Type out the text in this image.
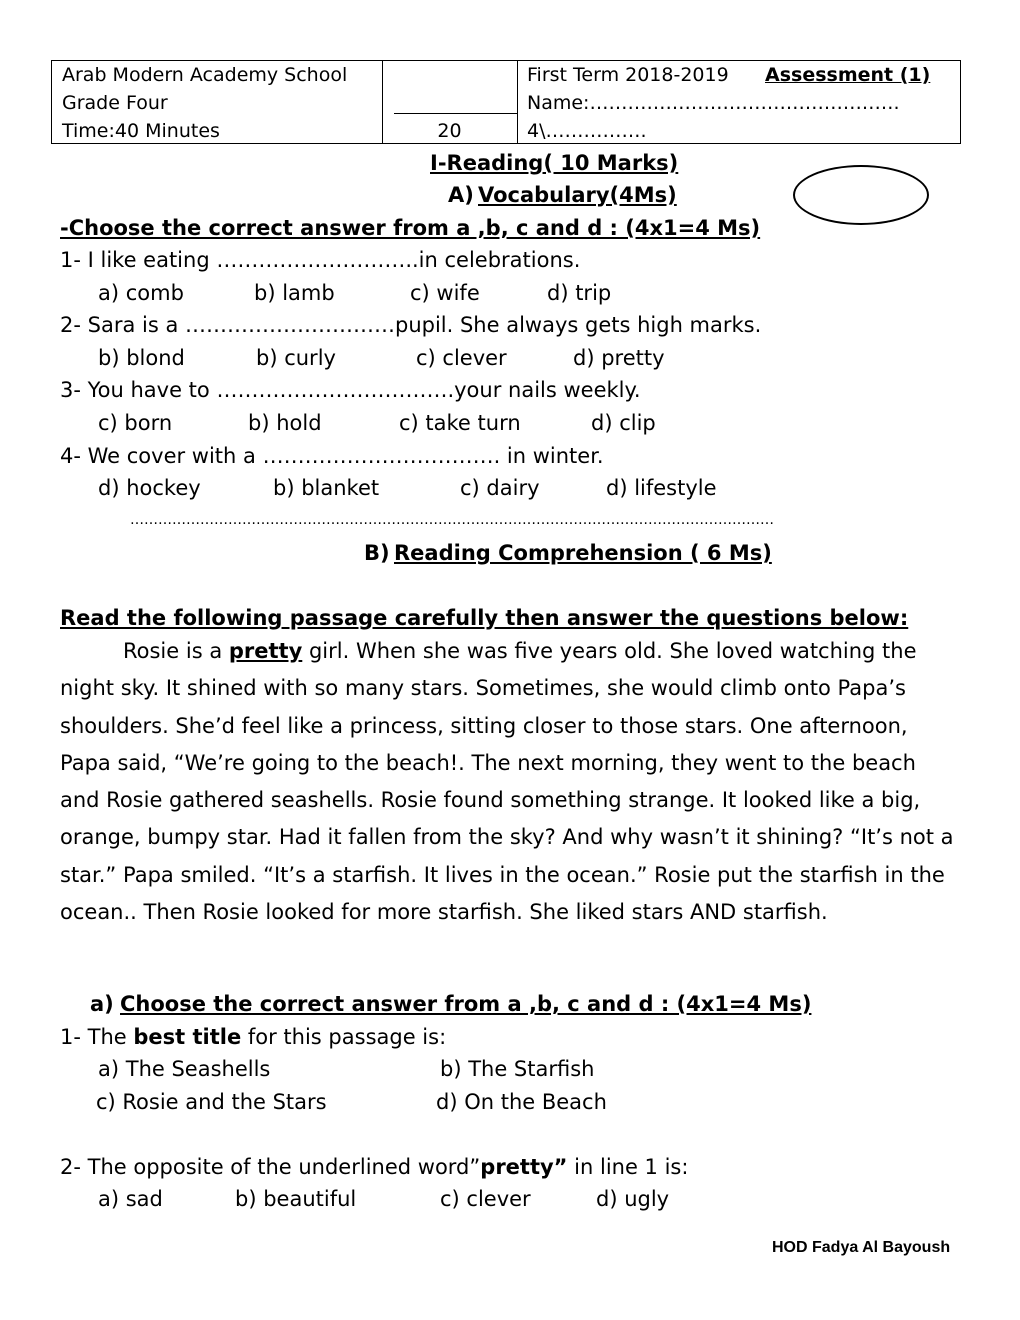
Arab Modern Academy School
Grade Four
Time:40 Minutes	20
First Term 2018-2019 Assessment (1)
Name:………………………………………….
4\…………….
I-Reading( 10 Marks)
A) Vocabulary(4Ms)
-Choose the correct answer from a ,b, c and d : (4x1=4 Ms)
1- I like eating ………………………..in celebrations.
a) comb	b) lamb	c) wife	d) trip
2- Sara is a …………………………pupil. She always gets high marks.
b) blond	b) curly	c) clever	d) pretty
3- You have to …………………………….your nails weekly.
c) born	b) hold	c) take turn	d) clip
4- We cover with a ……………………………. in winter.
d) hockey	b) blanket	c) dairy	d) lifestyle
…………………………………………………………………………………………………………………………
B) Reading Comprehension ( 6 Ms)
Read the following passage carefully then answer the questions below:
Rosie is a pretty girl. When she was five years old. She loved watching the night sky. It shined with so many stars. Sometimes, she would climb onto Papa’s shoulders. She’d feel like a princess, sitting closer to those stars. One afternoon, Papa said, “We’re going to the beach!. The next morning, they went to the beach and Rosie gathered seashells. Rosie found something strange. It looked like a big, orange, bumpy star. Had it fallen from the sky? And why wasn’t it shining? “It’s not a star.” Papa smiled. “It’s a starfish. It lives in the ocean.” Rosie put the starfish in the ocean.. Then Rosie looked for more starfish. She liked stars AND starfish.
a) Choose the correct answer from a ,b, c and d : (4x1=4 Ms)
1- The best title for this passage is:
a) The Seashells	b) The Starfish
c) Rosie and the Stars	d) On the Beach
2- The opposite of the underlined word”pretty” in line 1 is:
a) sad	b) beautiful	c) clever	d) ugly
HOD Fadya Al Bayoush
